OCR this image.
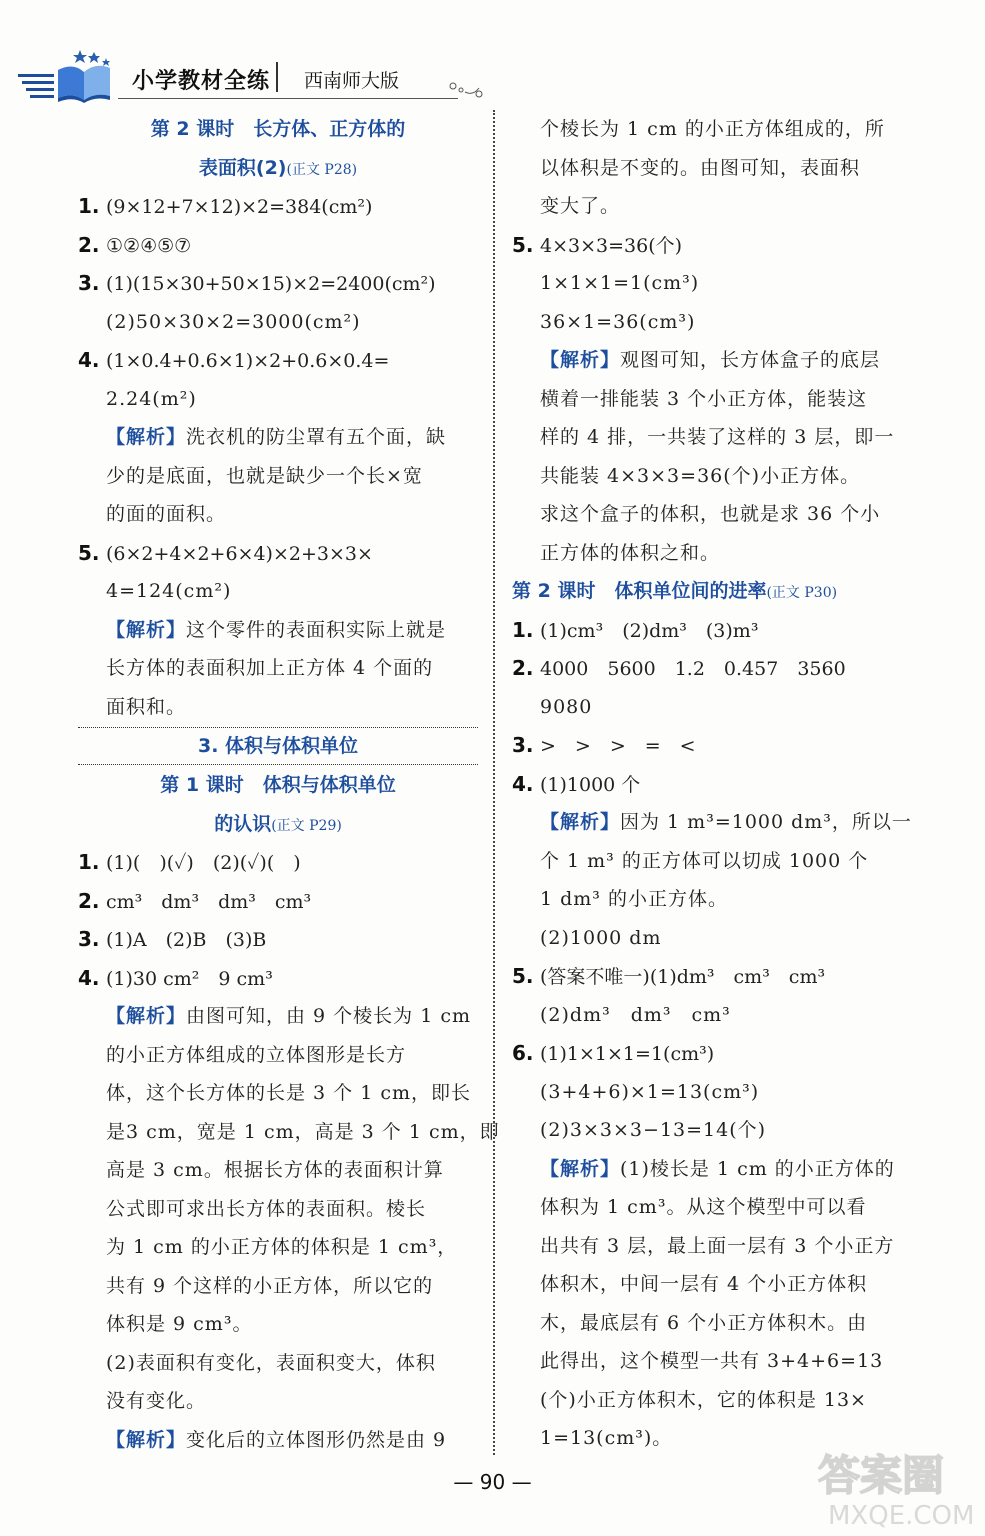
小学教材全练 西南师大版
第 2 课时　长方体、正方体的
表面积(2)(正文 P28)
1. (9×12+7×12)×2=384(cm²)
2. ①②④⑤⑦
3. (1)(15×30+50×15)×2=2400(cm²)
(2)50×30×2=3000(cm²)
4. (1×0.4+0.6×1)×2+0.6×0.4=
2.24(m²)
【解析】洗衣机的防尘罩有五个面，缺
少的是底面，也就是缺少一个长×宽
的面的面积。
5. (6×2+4×2+6×4)×2+3×3×
4=124(cm²)
【解析】这个零件的表面积实际上就是
长方体的表面积加上正方体 4 个面的
面积和。
3. 体积与体积单位
第 1 课时　体积与体积单位
的认识(正文 P29)
1. (1)(　)(✓)　(2)(✓)(　)
2. cm³　dm³　dm³　cm³
3. (1)A　(2)B　(3)B
4. (1)30 cm²　9 cm³
【解析】由图可知，由 9 个棱长为 1 cm
的小正方体组成的立体图形是长方
体，这个长方体的长是 3 个 1 cm，即长
是3 cm，宽是 1 cm，高是 3 个 1 cm，即
高是 3 cm。根据长方体的表面积计算
公式即可求出长方体的表面积。棱长
为 1 cm 的小正方体的体积是 1 cm³，
共有 9 个这样的小正方体，所以它的
体积是 9 cm³。
(2)表面积有变化，表面积变大，体积
没有变化。
【解析】变化后的立体图形仍然是由 9
个棱长为 1 cm 的小正方体组成的，所
以体积是不变的。由图可知，表面积
变大了。
5. 4×3×3=36(个)
1×1×1=1(cm³)
36×1=36(cm³)
【解析】观图可知，长方体盒子的底层
横着一排能装 3 个小正方体，能装这
样的 4 排，一共装了这样的 3 层，即一
共能装 4×3×3=36(个)小正方体。
求这个盒子的体积，也就是求 36 个小
正方体的体积之和。
第 2 课时　体积单位间的进率(正文 P30)
1. (1)cm³　(2)dm³　(3)m³
2. 4000　5600　1.2　0.457　3560
9080
3. >　>　>　=　<
4. (1)1000 个
【解析】因为 1 m³=1000 dm³，所以一
个 1 m³ 的正方体可以切成 1000 个
1 dm³ 的小正方体。
(2)1000 dm
5. (答案不唯一)(1)dm³　cm³　cm³
(2)dm³　dm³　cm³
6. (1)1×1×1=1(cm³)
(3+4+6)×1=13(cm³)
(2)3×3×3−13=14(个)
【解析】(1)棱长是 1 cm 的小正方体的
体积为 1 cm³。从这个模型中可以看
出共有 3 层，最上面一层有 3 个小正方
体积木，中间一层有 4 个小正方体积
木，最底层有 6 个小正方体积木。由
此得出，这个模型一共有 3+4+6=13
(个)小正方体积木，它的体积是 13×
1=13(cm³)。
— 90 —	答案圈
MXQE.COM
